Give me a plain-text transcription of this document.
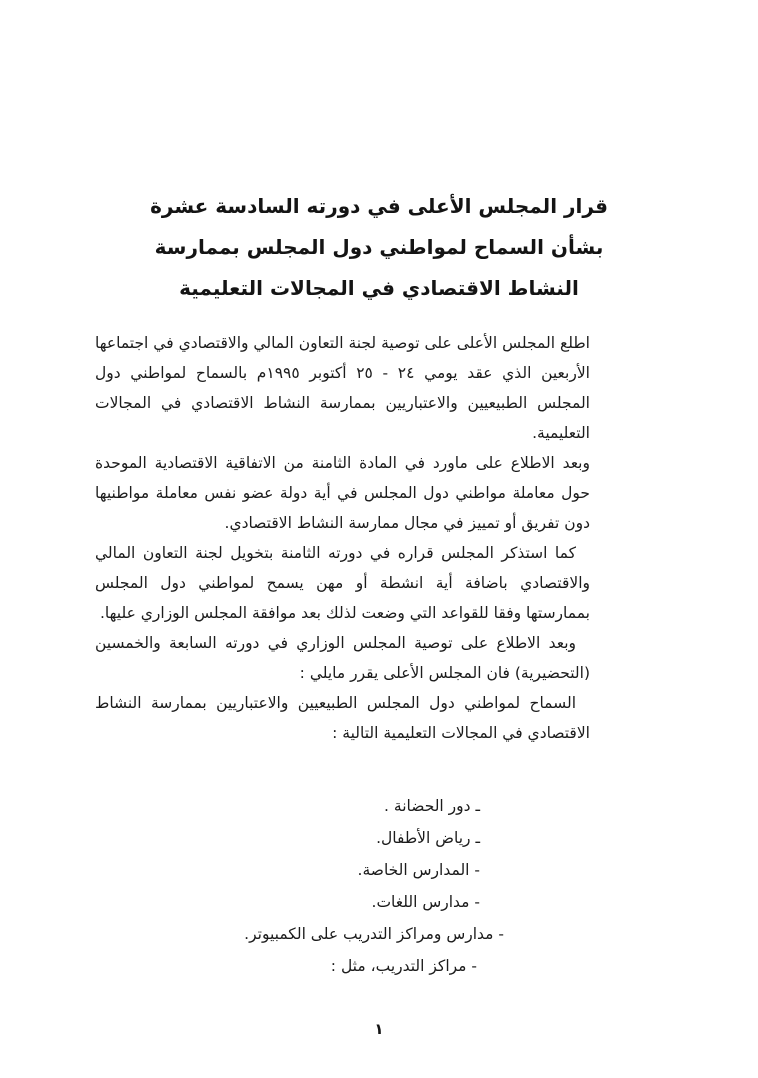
قرار المجلس الأعلى في دورته السادسة عشرة
بشأن السماح لمواطني دول المجلس بممارسة
النشاط الاقتصادي في المجالات التعليمية

اطلع المجلس الأعلى على توصية لجنة التعاون المالي والاقتصادي في اجتماعها الأربعين الذي عقد يومي ٢٤ - ٢٥ أكتوبر ١٩٩٥م بالسماح لمواطني دول المجلس الطبيعيين والاعتباريين بممارسة النشاط الاقتصادي في المجالات التعليمية.

وبعد الاطلاع على ماورد في المادة الثامنة من الاتفاقية الاقتصادية الموحدة حول معاملة مواطني دول المجلس في أية دولة عضو نفس معاملة مواطنيها دون تفريق أو تمييز في مجال ممارسة النشاط الاقتصادي.

كما استذكر المجلس قراره في دورته الثامنة بتخويل لجنة التعاون المالي والاقتصادي باضافة أية انشطة أو مهن يسمح لمواطني دول المجلس بممارستها وفقا للقواعد التي وضعت لذلك بعد موافقة المجلس الوزاري عليها.

وبعد الاطلاع على توصية المجلس الوزاري في دورته السابعة والخمسين (التحضيرية) فان المجلس الأعلى يقرر مايلي :

السماح لمواطني دول المجلس الطبيعيين والاعتباريين بممارسة النشاط الاقتصادي في المجالات التعليمية التالية :

ـ دور الحضانة .
ـ رياض الأطفال.
- المدارس الخاصة.
- مدارس اللغات.
- مدارس ومراكز التدريب على الكمبيوتر.
- مراكز التدريب، مثل :
١
